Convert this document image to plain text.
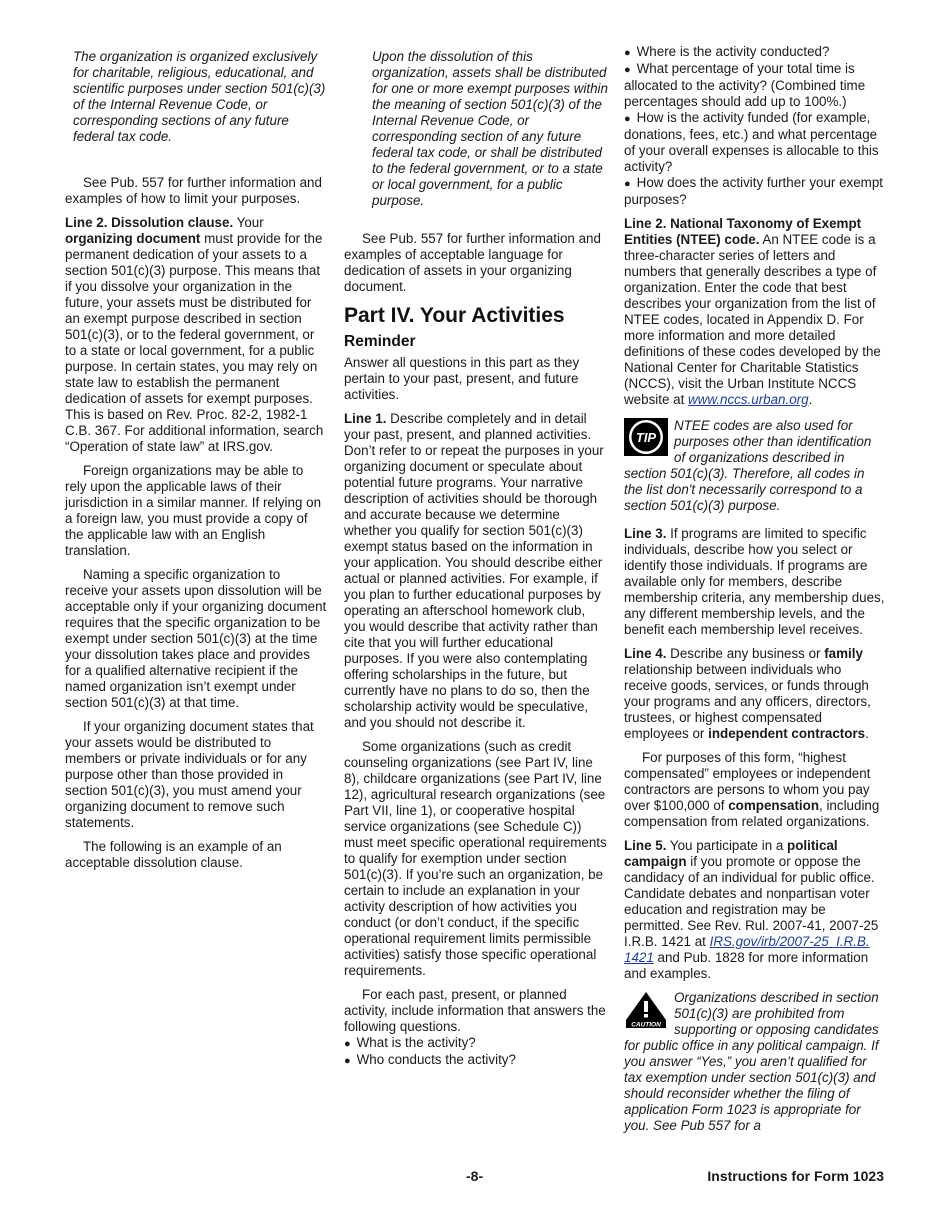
The organization is organized exclusively for charitable, religious, educational, and scientific purposes under section 501(c)(3) of the Internal Revenue Code, or corresponding sections of any future federal tax code.

See Pub. 557 for further information and examples of how to limit your purposes.

Line 2. Dissolution clause. Your organizing document must provide for the permanent dedication of your assets to a section 501(c)(3) purpose. This means that if you dissolve your organization in the future, your assets must be distributed for an exempt purpose described in section 501(c)(3), or to the federal government, or to a state or local government, for a public purpose. In certain states, you may rely on state law to establish the permanent dedication of assets for exempt purposes. This is based on Rev. Proc. 82-2, 1982-1 C.B. 367. For additional information, search “Operation of state law” at IRS.gov.

Foreign organizations may be able to rely upon the applicable laws of their jurisdiction in a similar manner. If relying on a foreign law, you must provide a copy of the applicable law with an English translation.

Naming a specific organization to receive your assets upon dissolution will be acceptable only if your organizing document requires that the specific organization to be exempt under section 501(c)(3) at the time your dissolution takes place and provides for a qualified alternative recipient if the named organization isn’t exempt under section 501(c)(3) at that time.

If your organizing document states that your assets would be distributed to members or private individuals or for any purpose other than those provided in section 501(c)(3), you must amend your organizing document to remove such statements.

The following is an example of an acceptable dissolution clause.

Upon the dissolution of this organization, assets shall be distributed for one or more exempt purposes within the meaning of section 501(c)(3) of the Internal Revenue Code, or corresponding section of any future federal tax code, or shall be distributed to the federal government, or to a state or local government, for a public purpose.

See Pub. 557 for further information and examples of acceptable language for dedication of assets in your organizing document.

Part IV. Your Activities
Reminder

Answer all questions in this part as they pertain to your past, present, and future activities.

Line 1. Describe completely and in detail your past, present, and planned activities. Don’t refer to or repeat the purposes in your organizing document or speculate about potential future programs. Your narrative description of activities should be thorough and accurate because we determine whether you qualify for section 501(c)(3) exempt status based on the information in your application. You should describe either actual or planned activities. For example, if you plan to further educational purposes by operating an afterschool homework club, you would describe that activity rather than cite that you will further educational purposes. If you were also contemplating offering scholarships in the future, but currently have no plans to do so, then the scholarship activity would be speculative, and you should not describe it.

Some organizations (such as credit counseling organizations (see Part IV, line 8), childcare organizations (see Part IV, line 12), agricultural research organizations (see Part VII, line 1), or cooperative hospital service organizations (see Schedule C)) must meet specific operational requirements to qualify for exemption under section 501(c)(3). If you’re such an organization, be certain to include an explanation in your activity description of how activities you conduct (or don’t conduct, if the specific operational requirement limits permissible activities) satisfy those specific operational requirements.

For each past, present, or planned activity, include information that answers the following questions.

● What is the activity?
● Who conducts the activity?
● Where is the activity conducted?
● What percentage of your total time is allocated to the activity? (Combined time percentages should add up to 100%.)
● How is the activity funded (for example, donations, fees, etc.) and what percentage of your overall expenses is allocable to this activity?
● How does the activity further your exempt purposes?

Line 2. National Taxonomy of Exempt Entities (NTEE) code. An NTEE code is a three-character series of letters and numbers that generally describes a type of organization. Enter the code that best describes your organization from the list of NTEE codes, located in Appendix D. For more information and more detailed definitions of these codes developed by the National Center for Charitable Statistics (NCCS), visit the Urban Institute NCCS website at www.nccs.urban.org.

TIP
NTEE codes are also used for purposes other than identification of organizations described in section 501(c)(3). Therefore, all codes in the list don't necessarily correspond to a section 501(c)(3) purpose.

Line 3. If programs are limited to specific individuals, describe how you select or identify those individuals. If programs are available only for members, describe membership criteria, any membership dues, any different membership levels, and the benefit each membership level receives.

Line 4. Describe any business or family relationship between individuals who receive goods, services, or funds through your programs and any officers, directors, trustees, or highest compensated employees or independent contractors.

For purposes of this form, “highest compensated” employees or independent contractors are persons to whom you pay over $100,000 of compensation, including compensation from related organizations.

Line 5. You participate in a political campaign if you promote or oppose the candidacy of an individual for public office. Candidate debates and nonpartisan voter education and registration may be permitted. See Rev. Rul. 2007-41, 2007-25 I.R.B. 1421 at IRS.gov/irb/2007-25_I.R.B. 1421 and Pub. 1828 for more information and examples.

CAUTION
Organizations described in section 501(c)(3) are prohibited from supporting or opposing candidates for public office in any political campaign. If you answer “Yes,” you aren’t qualified for tax exemption under section 501(c)(3) and should reconsider whether the filing of application Form 1023 is appropriate for you. See Pub 557 for a
-8-	Instructions for Form 1023
